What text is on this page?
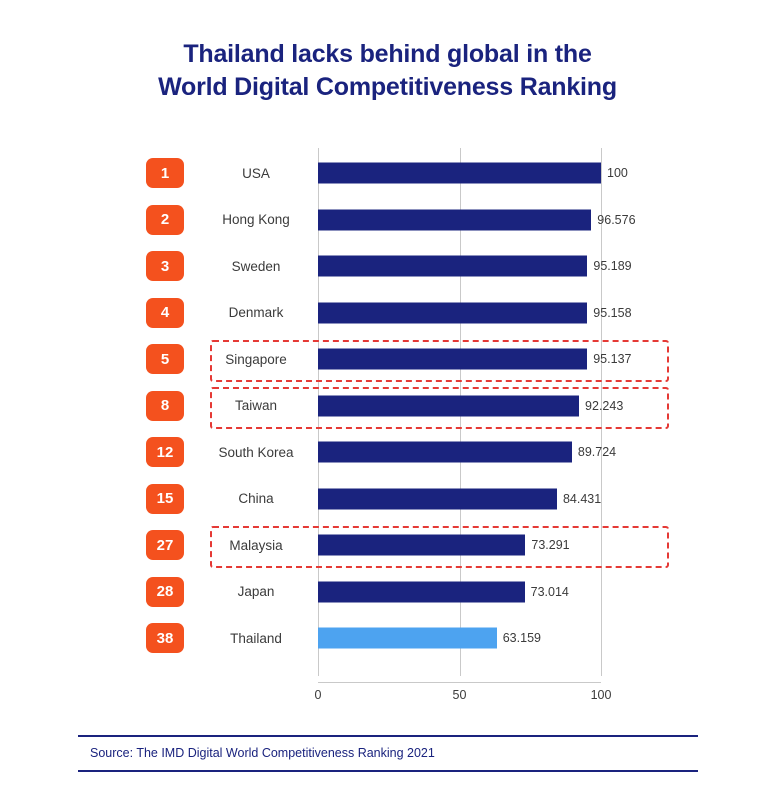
Thailand lacks behind global in the
World Digital Competitiveness Ranking
1	USA	100
2	Hong Kong	96.576
3	Sweden	95.189
4	Denmark	95.158
5	Singapore	95.137
8	Taiwan	92.243
12	South Korea	89.724
15	China	84.431
27	Malaysia	73.291
28	Japan	73.014
38	Thailand	63.159
0	50	100
Source: The IMD Digital World Competitiveness Ranking 2021
